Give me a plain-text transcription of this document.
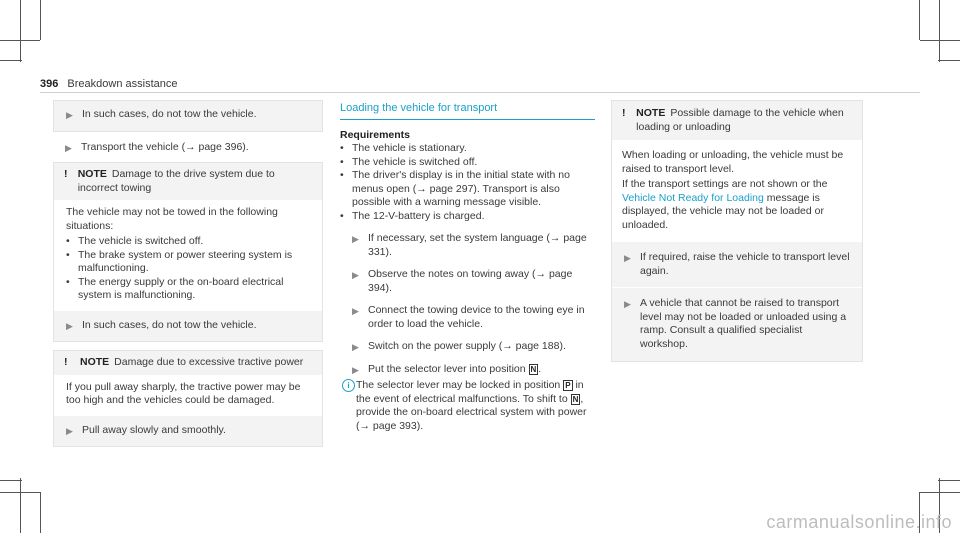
396 Breakdown assistance
▶ In such cases, do not tow the vehicle.
▶ Transport the vehicle (→ page 396).
! NOTE Damage to the drive system due to incorrect towing

The vehicle may not be towed in the following situations:

• The vehicle is switched off.
• The brake system or power steering system is malfunctioning.
• The energy supply or the on-board electrical system is malfunctioning.
▶ In such cases, do not tow the vehicle.
!	NOTE Damage due to excessive tractive power

If you pull away sharply, the tractive power may be too high and the vehicles could be damaged.

▶ Pull away slowly and smoothly.
Loading the vehicle for transport
Requirements
• The vehicle is stationary.
• The vehicle is switched off.
• The driver's display is in the initial state with no menus open (→ page 297). Transport is also possible with a warning message visible.
• The 12-V-battery is charged.
▶ If necessary, set the system language (→ page 331).
▶ Observe the notes on towing away (→ page 394).
▶ Connect the towing device to the towing eye in order to load the vehicle.
▶ Switch on the power supply (→ page 188).
▶ Put the selector lever into position N .
i The selector lever may be locked in position P in the event of electrical malfunctions. To shift to N , provide the on-board electrical system with power (→ page 393).
!	NOTE Possible damage to the vehicle when loading or unloading

When loading or unloading, the vehicle must be raised to transport level.

If the transport settings are not shown or the Vehicle Not Ready for Loading message is displayed, the vehicle may not be loaded or unloaded.

▶ If required, raise the vehicle to transport level again.
▶ A vehicle that cannot be raised to transport level may not be loaded or unloaded using a ramp. Consult a qualified specialist workshop.
carmanualsonline.info
